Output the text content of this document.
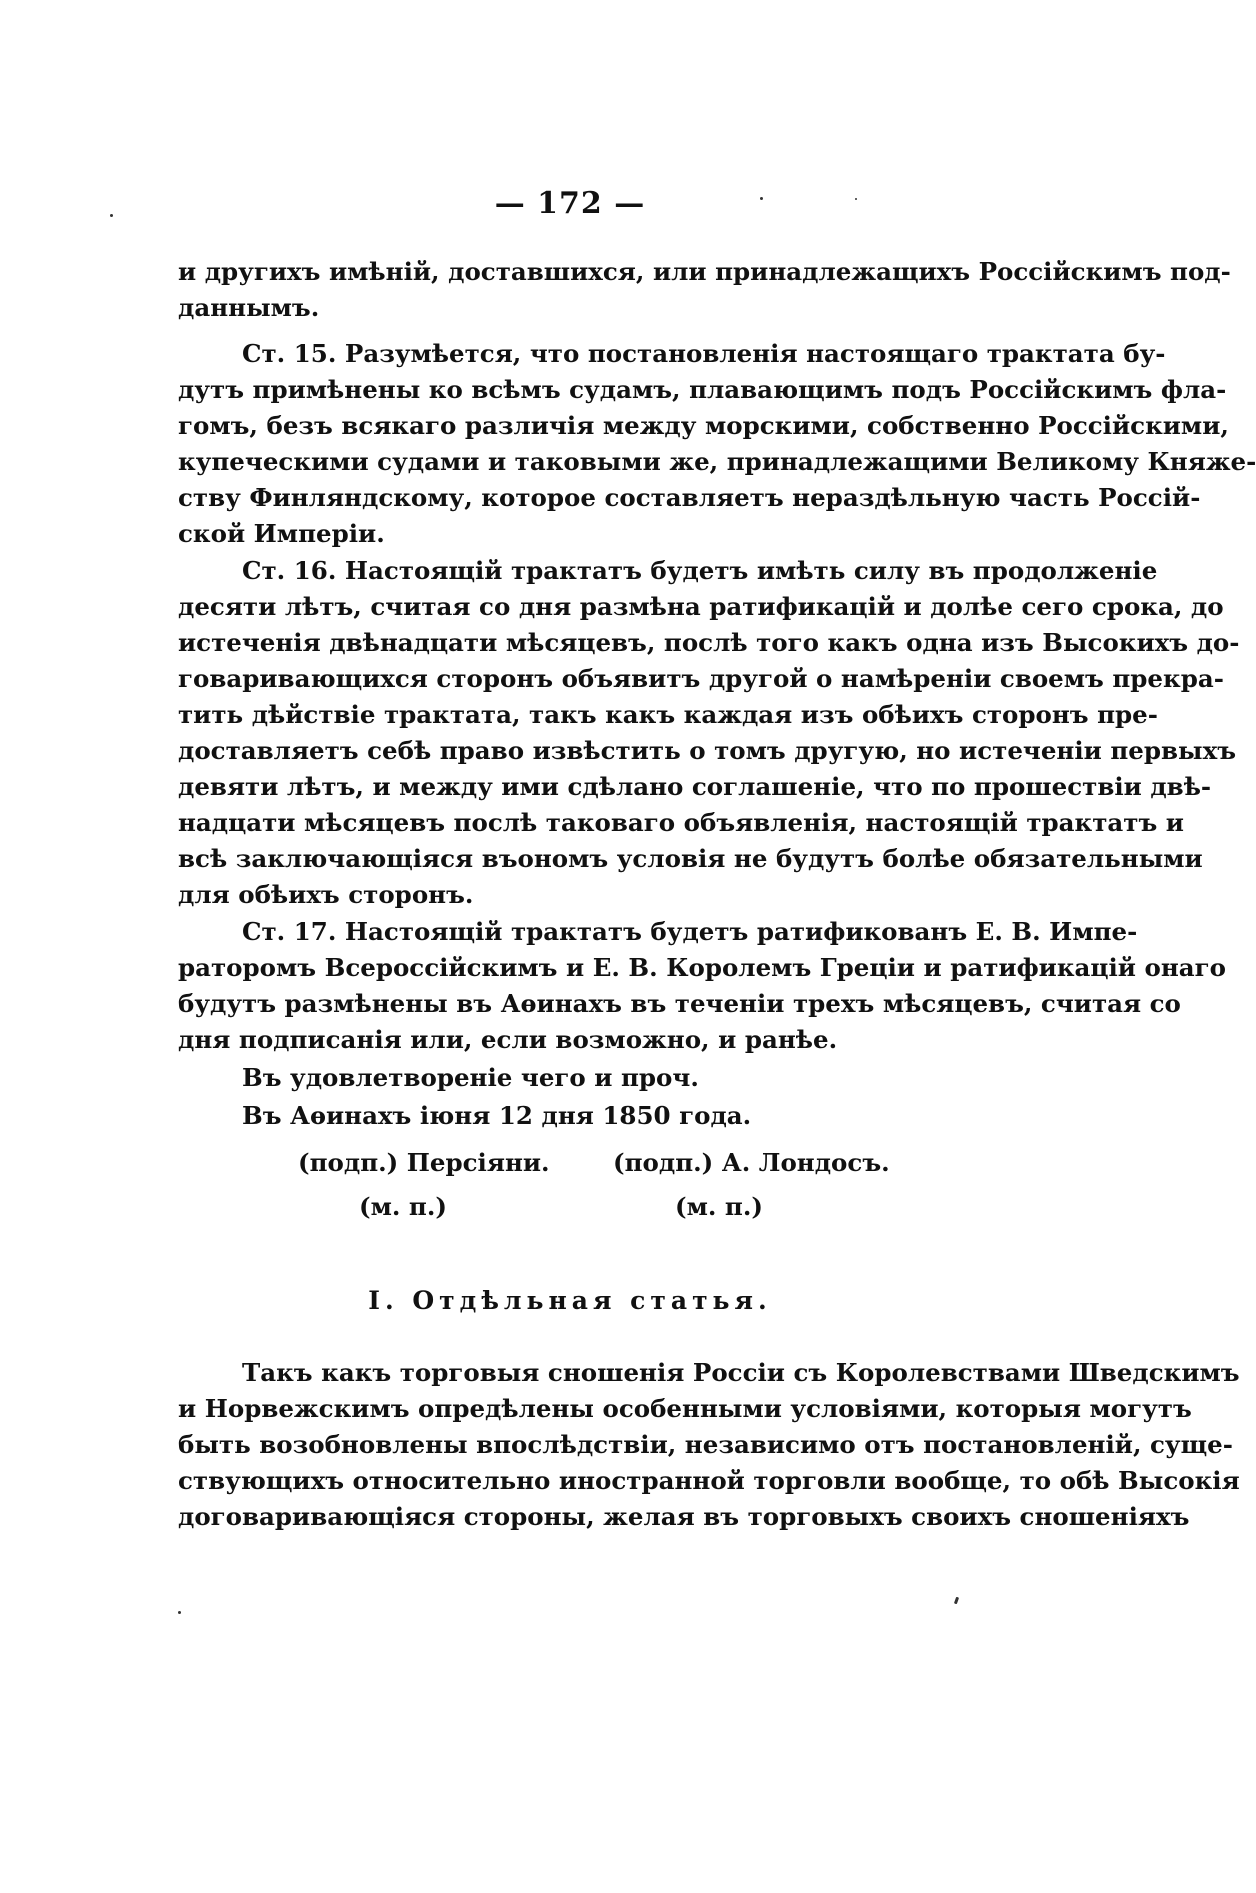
— 172 —
и другихъ имѣній, доставшихся, или принадлежащихъ Россійскимъ под-
даннымъ.
Ст. 15. Разумѣется, что постановленія настоящаго трактата бу-
дутъ примѣнены ко всѣмъ судамъ, плавающимъ подъ Россійскимъ фла-
гомъ, безъ всякаго различія между морскими, собственно Россійскими,
купеческими судами и таковыми же, принадлежащими Великому Княже-
ству Финляндскому, которое составляетъ нераздѣльную часть Россій-
ской Имперіи.
Ст. 16. Настоящій трактатъ будетъ имѣть силу въ продолженіе
десяти лѣтъ, считая со дня размѣна ратификацій и долѣе сего срока, до
истеченія двѣнадцати мѣсяцевъ, послѣ того какъ одна изъ Высокихъ до-
говаривающихся сторонъ объявитъ другой о намѣреніи своемъ прекра-
тить дѣйствіе трактата, такъ какъ каждая изъ обѣихъ сторонъ пре-
доставляетъ себѣ право извѣстить о томъ другую, но истеченіи первыхъ
девяти лѣтъ, и между ими сдѣлано соглашеніе, что по прошествіи двѣ-
надцати мѣсяцевъ послѣ таковаго объявленія, настоящій трактатъ и
всѣ заключающіяся въономъ условія не будутъ болѣе обязательными
для обѣихъ сторонъ.
Ст. 17. Настоящій трактатъ будетъ ратификованъ Е. В. Импе-
раторомъ Всероссійскимъ и Е. В. Королемъ Греціи и ратификацій онаго
будутъ размѣнены въ Аѳинахъ въ теченіи трехъ мѣсяцевъ, считая со
дня подписанія или, если возможно, и ранѣе.
Въ удовлетвореніе чего и проч.
Въ Аѳинахъ іюня 12 дня 1850 года.
(подп.) Персіяни.	(подп.) А. Лондосъ.
(м. п.)	(м. п.)
I. Отдѣльная статья.
Такъ какъ торговыя сношенія Россіи съ Королевствами Шведскимъ
и Норвежскимъ опредѣлены особенными условіями, которыя могутъ
быть возобновлены впослѣдствіи, независимо отъ постановленій, суще-
ствующихъ относительно иностранной торговли вообще, то обѣ Высокія
договаривающіяся стороны, желая въ торговыхъ своихъ сношеніяхъ
